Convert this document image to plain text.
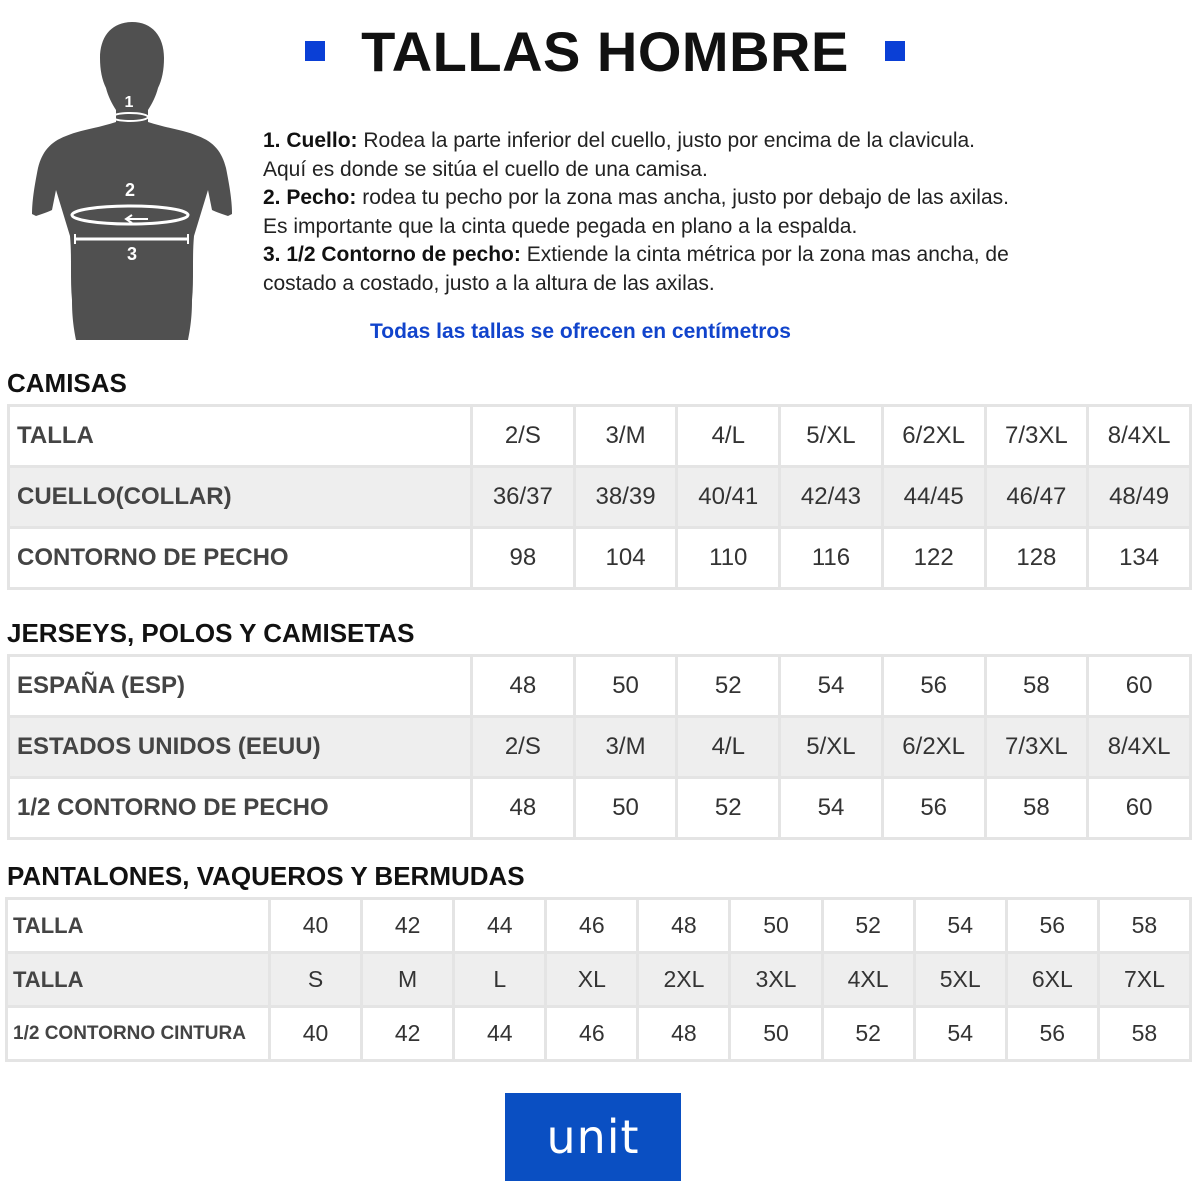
1
2
3
TALLAS HOMBRE

1. Cuello: Rodea la parte inferior del cuello, justo por encima de la clavicula.

Aquí es donde se sitúa el cuello de una camisa.

2. Pecho: rodea tu pecho por la zona mas ancha, justo por debajo de las axilas.

Es importante que la cinta quede pegada en plano a la espalda.

3. 1/2 Contorno de pecho: Extiende la cinta métrica por la zona mas ancha, de

costado a costado, justo a la altura de las axilas.

Todas las tallas se ofrecen en centímetros
CAMISAS
TALLA	2/S	3/M	4/L	5/XL	6/2XL	7/3XL	8/4XL
CUELLO(COLLAR)	36/37	38/39	40/41	42/43	44/45	46/47	48/49
CONTORNO DE PECHO	98	104	110	116	122	128	134
JERSEYS, POLOS Y CAMISETAS
ESPAÑA (ESP)	48	50	52	54	56	58	60
ESTADOS UNIDOS (EEUU)	2/S	3/M	4/L	5/XL	6/2XL	7/3XL	8/4XL
1/2 CONTORNO DE PECHO	48	50	52	54	56	58	60
PANTALONES, VAQUEROS Y BERMUDAS
TALLA	40	42	44	46	48	50	52	54	56	58
TALLA	S	M	L	XL	2XL	3XL	4XL	5XL	6XL	7XL
1/2 CONTORNO CINTURA	40	42	44	46	48	50	52	54	56	58
unit
